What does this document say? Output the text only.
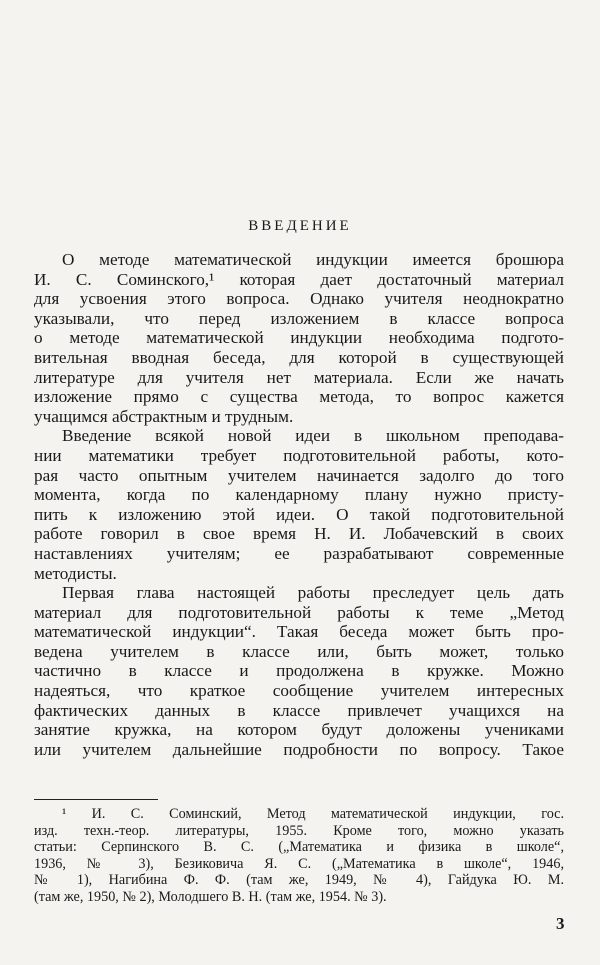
ВВЕДЕНИЕ
О методе математической индукции имеется брошюра
И. С. Соминского,¹ которая дает достаточный материал
для усвоения этого вопроса. Однако учителя неоднократно
указывали, что перед изложением в классе вопроса
о методе математической индукции необходима подгото-
вительная вводная беседа, для которой в существующей
литературе для учителя нет материала. Если же начать
изложение прямо с существа метода, то вопрос кажется
учащимся абстрактным и трудным.
Введение всякой новой идеи в школьном преподава-
нии математики требует подготовительной работы, кото-
рая часто опытным учителем начинается задолго до того
момента, когда по календарному плану нужно присту-
пить к изложению этой идеи. О такой подготовительной
работе говорил в свое время Н. И. Лобачевский в своих
наставлениях учителям; ее разрабатывают современные
методисты.
Первая глава настоящей работы преследует цель дать
материал для подготовительной работы к теме „Метод
математической индукции“. Такая беседа может быть про-
ведена учителем в классе или, быть может, только
частично в классе и продолжена в кружке. Можно
надеяться, что краткое сообщение учителем интересных
фактических данных в классе привлечет учащихся на
занятие кружка, на котором будут доложены учениками
или учителем дальнейшие подробности по вопросу. Такое
¹ И. С. Соминский, Метод математической индукции, гос.
изд. техн.-теор. литературы, 1955. Кроме того, можно указать
статьи: Серпинского В. С. („Математика и физика в школе“,
1936, № 3), Безиковича Я. С. („Математика в школе“, 1946,
№ 1), Нагибина Ф. Ф. (там же, 1949, № 4), Гайдука Ю. М.
(там же, 1950, № 2), Молодшего В. Н. (там же, 1954. № 3).
3
